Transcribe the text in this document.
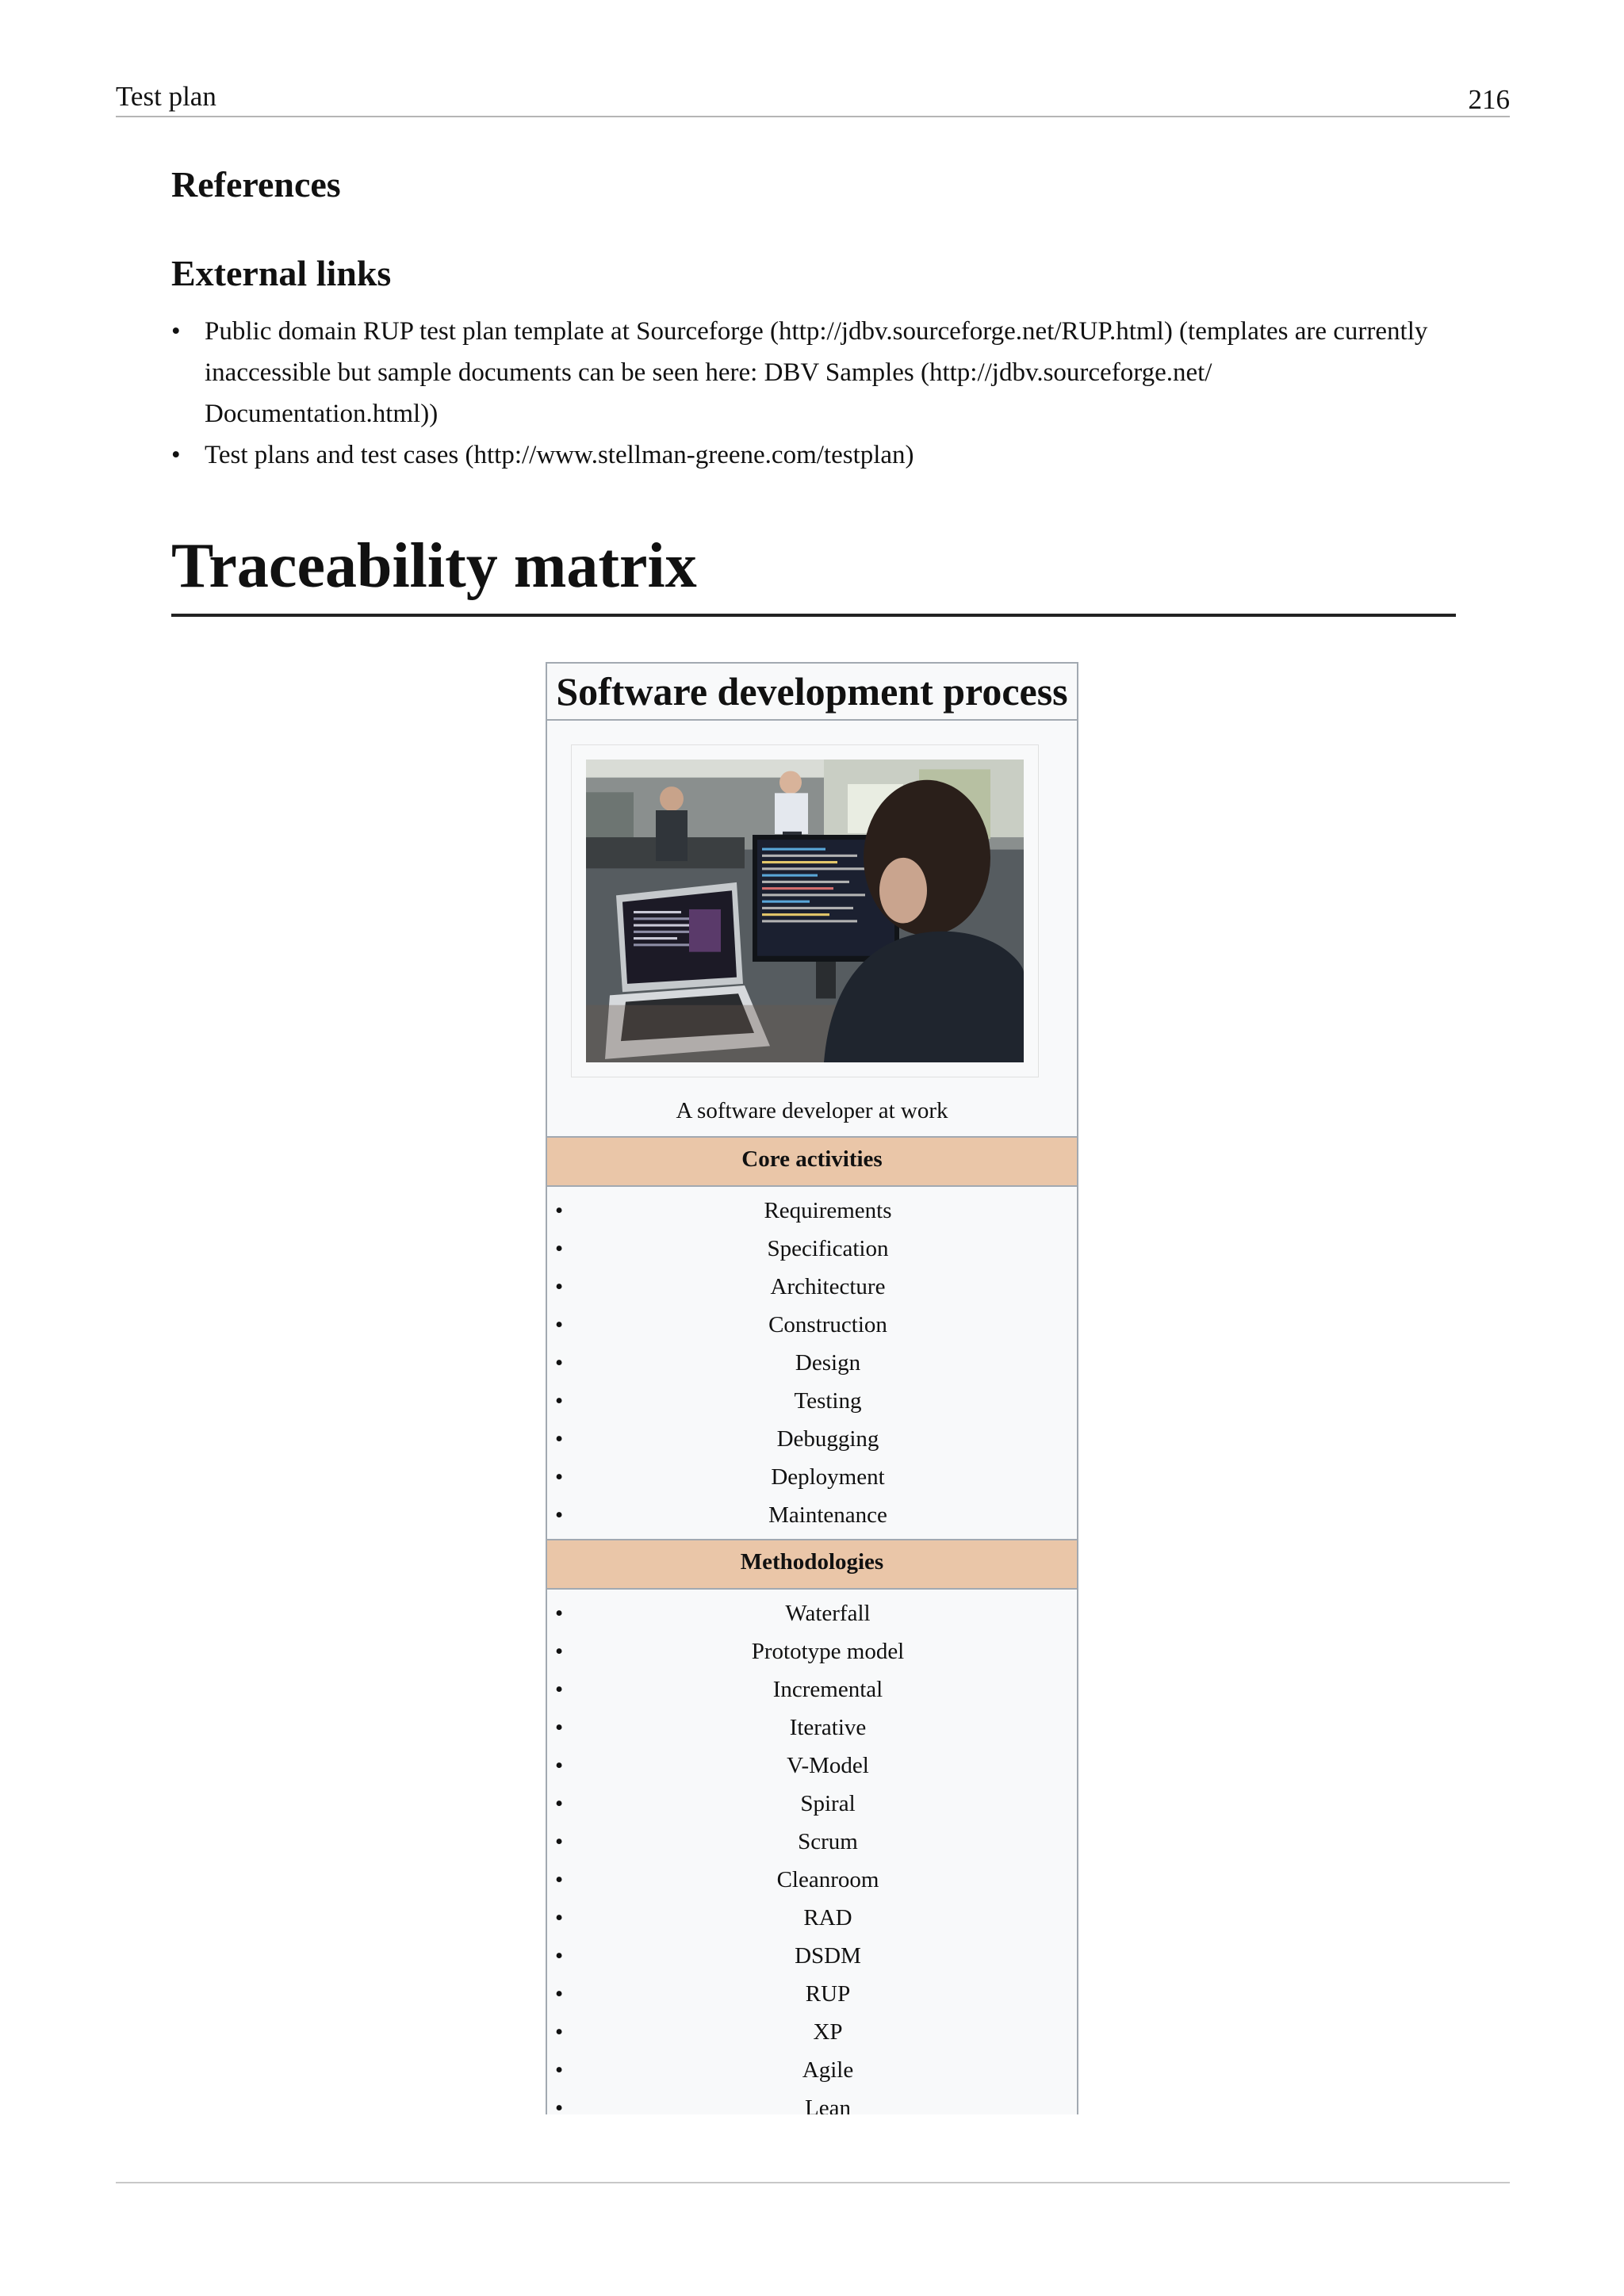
Test plan	216
References
External links
• Public domain RUP test plan template at Sourceforge (http://jdbv.sourceforge.net/RUP.html) (templates are currently inaccessible but sample documents can be seen here: DBV Samples (http://jdbv.sourceforge.net/ Documentation.html))
• Test plans and test cases (http://www.stellman-greene.com/testplan)
Traceability matrix
Software development process
A software developer at work
Core activities
•	Requirements
•	Specification
•	Architecture
•	Construction
•	Design
•	Testing
•	Debugging
•	Deployment
•	Maintenance
Methodologies
•	Waterfall
•	Prototype model
•	Incremental
•	Iterative
•	V-Model
•	Spiral
•	Scrum
•	Cleanroom
•	RAD
•	DSDM
•	RUP
•	XP
•	Agile
•	Lean
